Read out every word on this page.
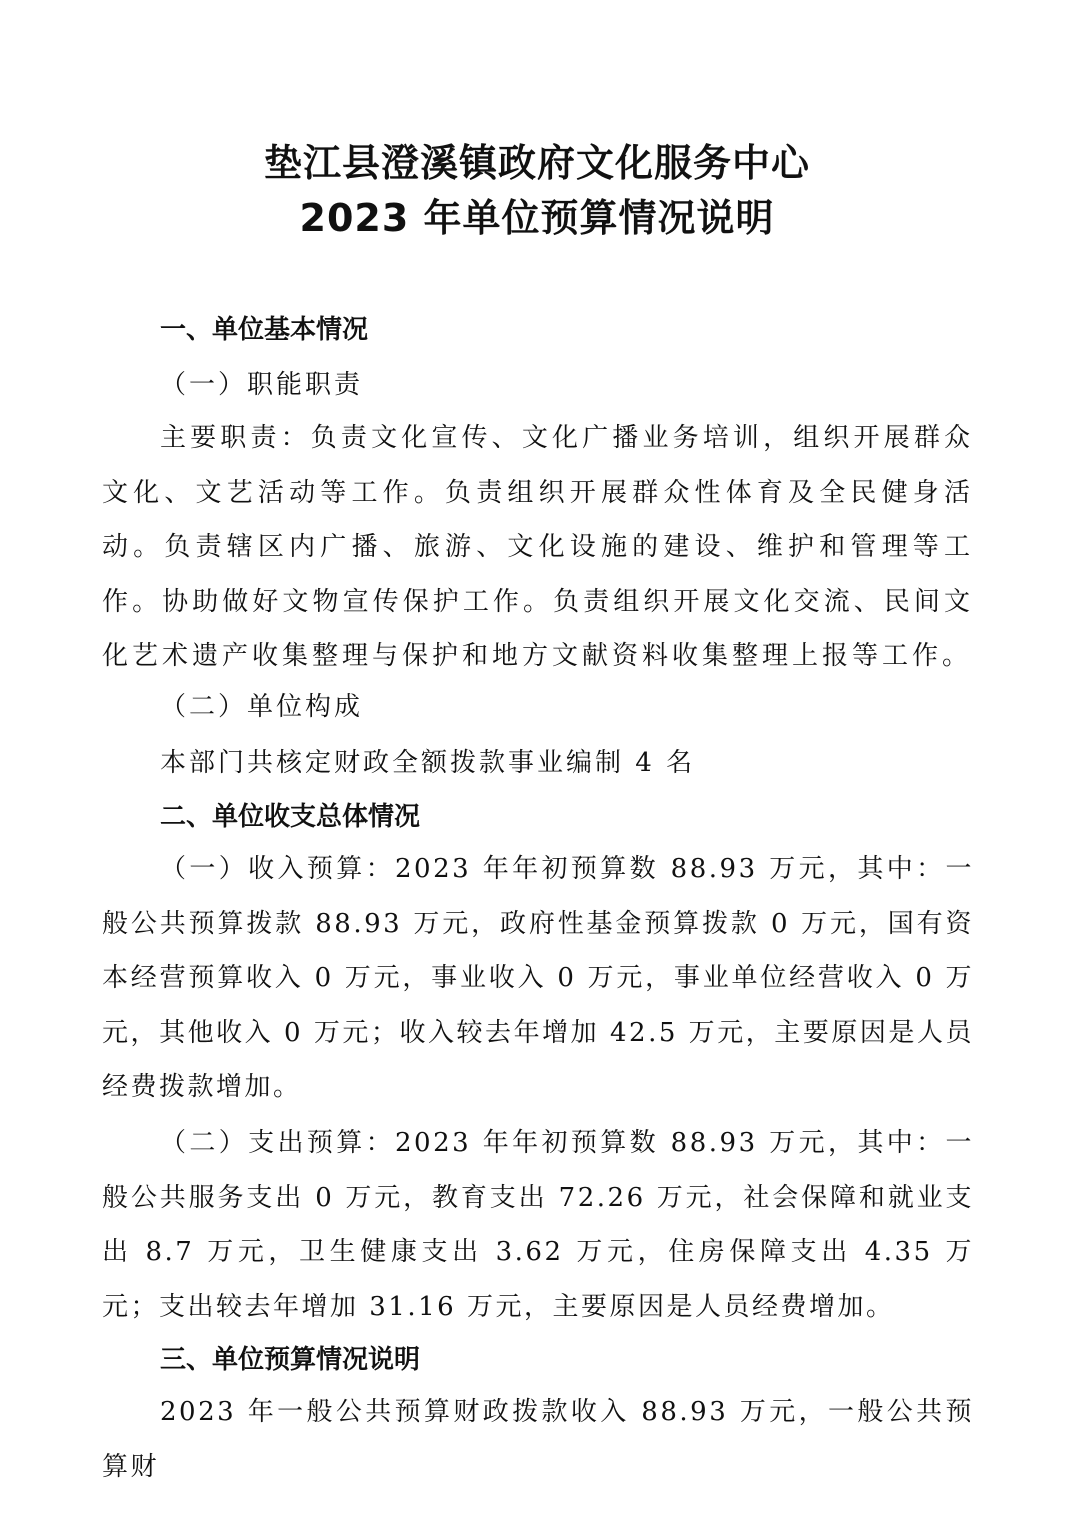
垫江县澄溪镇政府文化服务中心
2023 年单位预算情况说明
一、单位基本情况
（一）职能职责

主要职责：负责文化宣传、文化广播业务培训，组织开展群众文化、文艺活动等工作。负责组织开展群众性体育及全民健身活动。负责辖区内广播、旅游、文化设施的建设、维护和管理等工作。协助做好文物宣传保护工作。负责组织开展文化交流、民间文化艺术遗产收集整理与保护和地方文献资料收集整理上报等工作。

（二）单位构成
本部门共核定财政全额拨款事业编制 4 名
二、单位收支总体情况

（一）收入预算：2023 年年初预算数 88.93 万元，其中：一般公共预算拨款 88.93 万元，政府性基金预算拨款 0 万元，国有资本经营预算收入 0 万元，事业收入 0 万元，事业单位经营收入 0 万元，其他收入 0 万元；收入较去年增加 42.5 万元，主要原因是人员经费拨款增加。

（二）支出预算：2023 年年初预算数 88.93 万元，其中：一般公共服务支出 0 万元，教育支出 72.26 万元，社会保障和就业支出 8.7 万元，卫生健康支出 3.62 万元，住房保障支出 4.35 万元；支出较去年增加 31.16 万元，主要原因是人员经费增加。

三、单位预算情况说明

2023 年一般公共预算财政拨款收入 88.93 万元，一般公共预算财
